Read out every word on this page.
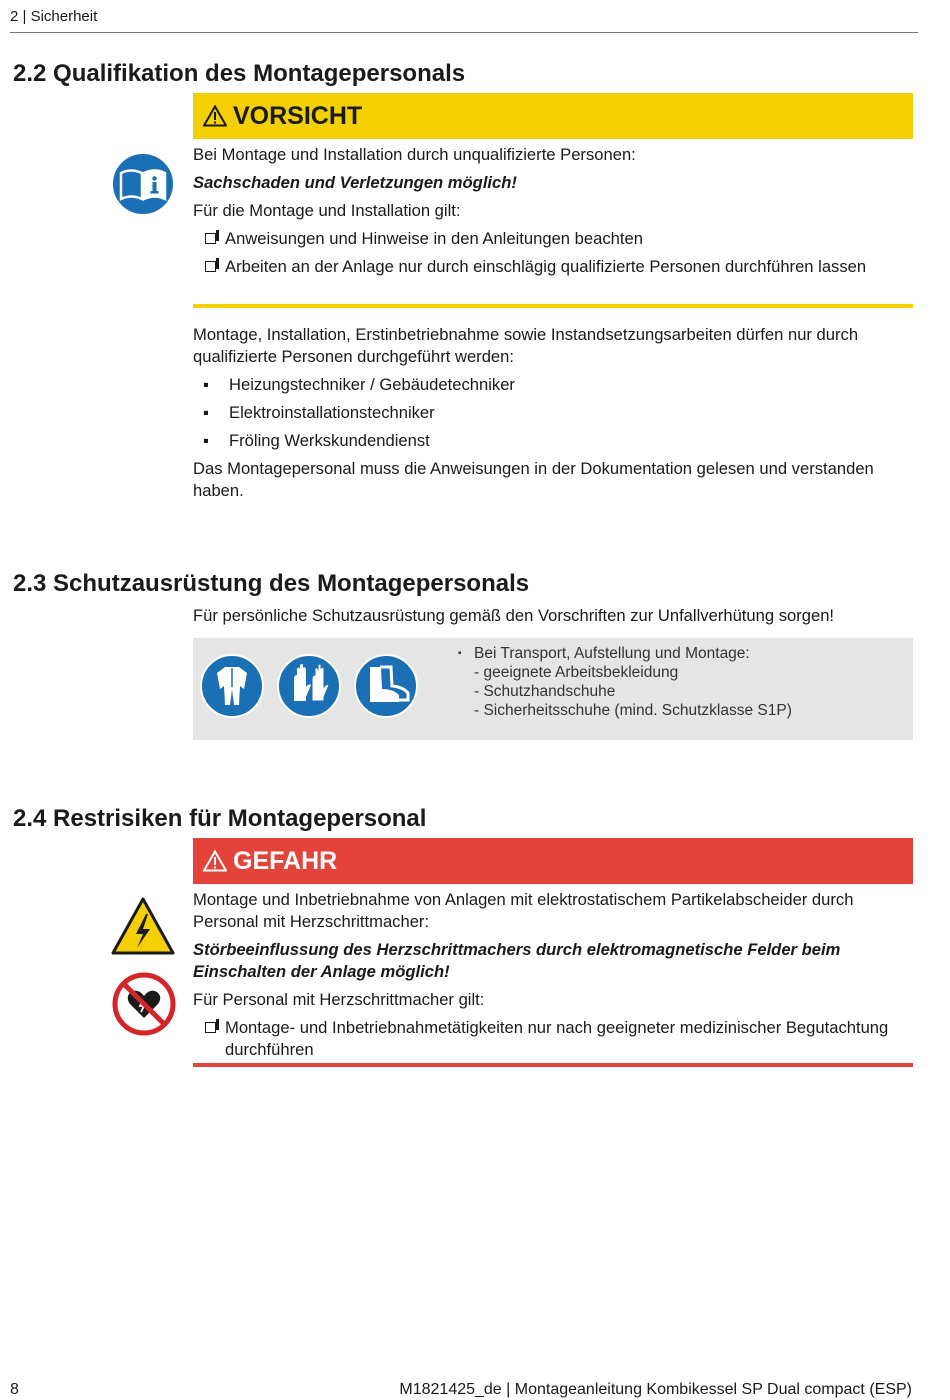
2 | Sicherheit
2.2 Qualifikation des Montagepersonals
VORSICHT

Bei Montage und Installation durch unqualifizierte Personen:

Sachschaden und Verletzungen möglich!

Für die Montage und Installation gilt:

Anweisungen und Hinweise in den Anleitungen beachten
Arbeiten an der Anlage nur durch einschlägig qualifizierte Personen durchführen lassen

Montage, Installation, Erstinbetriebnahme sowie Instandsetzungsarbeiten dürfen nur durch qualifizierte Personen durchgeführt werden:

▪ Heizungstechniker / Gebäudetechniker
▪ Elektroinstallationstechniker
▪ Fröling Werkskundendienst

Das Montagepersonal muss die Anweisungen in der Dokumentation gelesen und verstanden haben.

2.3 Schutzausrüstung des Montagepersonals
Für persönliche Schutzausrüstung gemäß den Vorschriften zur Unfallverhütung sorgen!
▪ Bei Transport, Aufstellung und Montage:
- geeignete Arbeitsbekleidung
- Schutzhandschuhe
- Sicherheitsschuhe (mind. Schutzklasse S1P)
2.4 Restrisiken für Montagepersonal
GEFAHR

Montage und Inbetriebnahme von Anlagen mit elektrostatischem Partikelabscheider durch Personal mit Herzschrittmacher:

Störbeeinflussung des Herzschrittmachers durch elektromagnetische Felder beim Einschalten der Anlage möglich!

Für Personal mit Herzschrittmacher gilt:

Montage- und Inbetriebnahmetätigkeiten nur nach geeigneter medizinischer Begutachtung durchführen
8	M1821425_de | Montageanleitung Kombikessel SP Dual compact (ESP)
